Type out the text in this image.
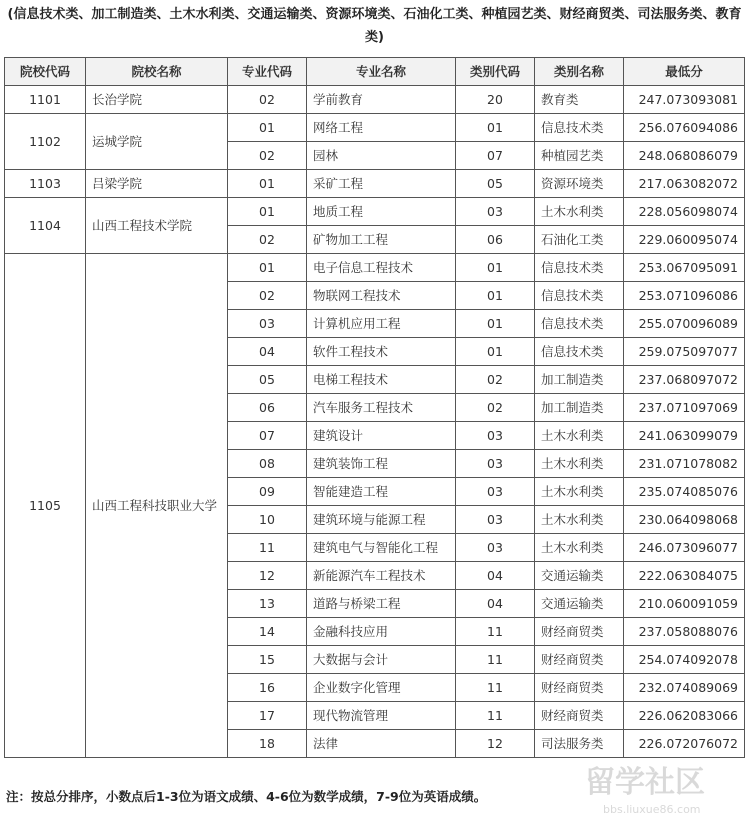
(信息技术类、加工制造类、土木水利类、交通运输类、资源环境类、石油化工类、种植园艺类、财经商贸类、司法服务类、教育类)
院校代码	院校名称	专业代码	专业名称	类别代码	类别名称	最低分
1101	长治学院	02	学前教育	20	教育类	247.073093081
1102	运城学院	01	网络工程	01	信息技术类	256.076094086
		02	园林	07	种植园艺类	248.068086079
1103	吕梁学院	01	采矿工程	05	资源环境类	217.063082072
1104	山西工程技术学院	01	地质工程	03	土木水利类	228.056098074
		02	矿物加工工程	06	石油化工类	229.060095074
1105	山西工程科技职业大学	01	电子信息工程技术	01	信息技术类	253.067095091
		02	物联网工程技术	01	信息技术类	253.071096086
		03	计算机应用工程	01	信息技术类	255.070096089
		04	软件工程技术	01	信息技术类	259.075097077
		05	电梯工程技术	02	加工制造类	237.068097072
		06	汽车服务工程技术	02	加工制造类	237.071097069
		07	建筑设计	03	土木水利类	241.063099079
		08	建筑装饰工程	03	土木水利类	231.071078082
		09	智能建造工程	03	土木水利类	235.074085076
		10	建筑环境与能源工程	03	土木水利类	230.064098068
		11	建筑电气与智能化工程	03	土木水利类	246.073096077
		12	新能源汽车工程技术	04	交通运输类	222.063084075
		13	道路与桥梁工程	04	交通运输类	210.060091059
		14	金融科技应用	11	财经商贸类	237.058088076
		15	大数据与会计	11	财经商贸类	254.074092078
		16	企业数字化管理	11	财经商贸类	232.074089069
		17	现代物流管理	11	财经商贸类	226.062083066
		18	法律	12	司法服务类	226.072076072
注：按总分排序，小数点后1-3位为语文成绩、4-6位为数学成绩，7-9位为英语成绩。	留学社区
bbs.liuxue86.com
